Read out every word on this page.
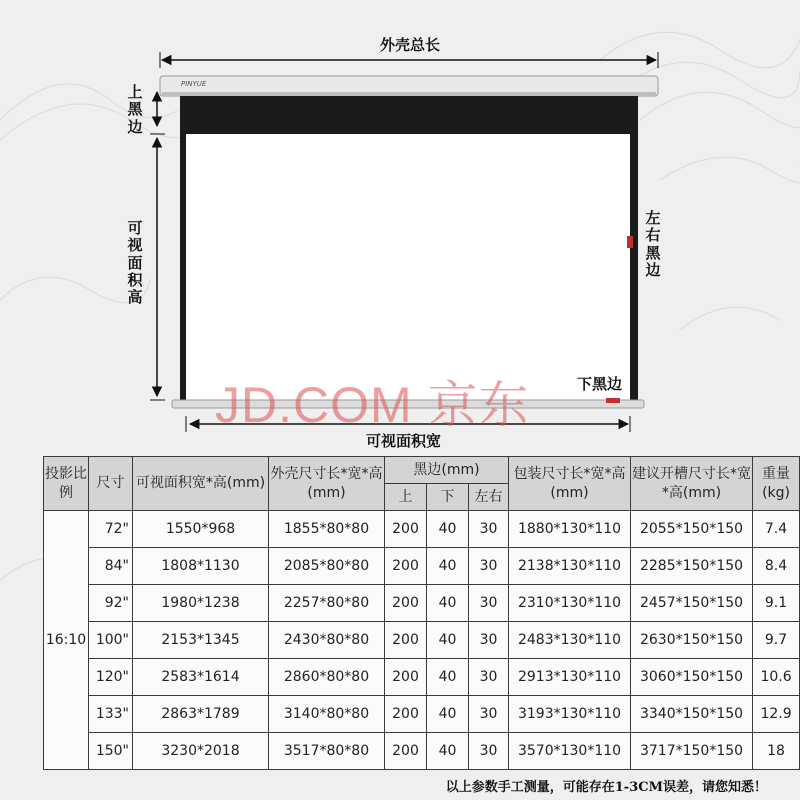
PINYUE
外壳总长
上黑边
可视面积高
左右黑边
JD.COM 京东	下黑边
可视面积宽
投影比例	尺寸	可视面积宽*高(mm)	外壳尺寸长*宽*高(mm)	黑边(mm)			包装尺寸长*宽*高(mm)	建议开槽尺寸长*宽*高(mm)	重量(kg)
				上	下	左右			
16:10	72"	1550*968	1855*80*80	200	40	30	1880*130*110	2055*150*150	7.4
	84"	1808*1130	2085*80*80	200	40	30	2138*130*110	2285*150*150	8.4
	92"	1980*1238	2257*80*80	200	40	30	2310*130*110	2457*150*150	9.1
	100"	2153*1345	2430*80*80	200	40	30	2483*130*110	2630*150*150	9.7
	120"	2583*1614	2860*80*80	200	40	30	2913*130*110	3060*150*150	10.6
	133"	2863*1789	3140*80*80	200	40	30	3193*130*110	3340*150*150	12.9
	150"	3230*2018	3517*80*80	200	40	30	3570*130*110	3717*150*150	18
以上参数手工测量，可能存在1-3CM误差，请您知悉！
